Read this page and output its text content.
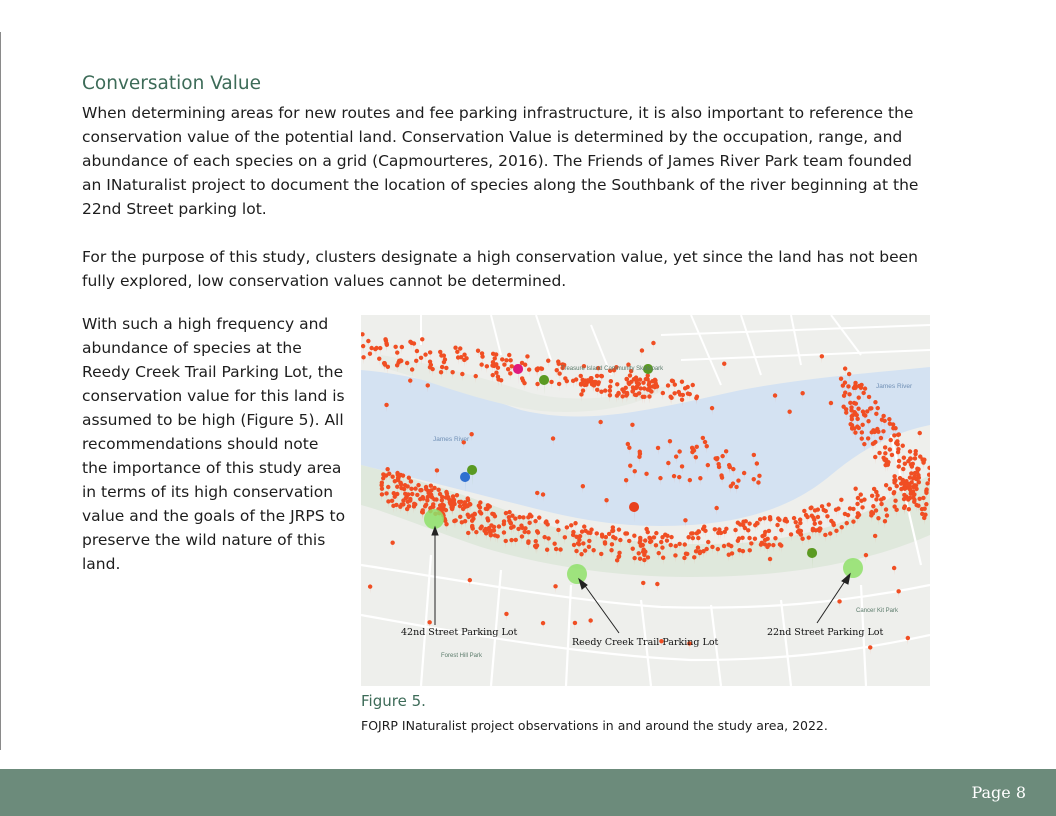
Conversation Value

When determining areas for new routes and fee parking infrastructure, it is also important to reference the conservation value of the potential land. Conservation Value is determined by the occupation, range, and abundance of each species on a grid (Capmourteres, 2016). The Friends of James River Park team founded an INaturalist project to document the location of species along the Southbank of the river beginning at the 22nd Street parking lot.

For the purpose of this study, clusters designate a high conservation value, yet since the land has not been fully explored, low conservation values cannot be determined.

With such a high frequency and abundance of species at the Reedy Creek Trail Parking Lot, the conservation value for this land is assumed to be high (Figure 5). All recommendations should note the importance of this study area in terms of its high conservation value and the goals of the JRPS to preserve the wild nature of this land.

Treasure Island Community Skatepark
James River
James River
Cancer Kit Park
Forest Hill Park
42nd Street Parking Lot
Reedy Creek Trail Parking Lot
22nd Street Parking Lot
Figure 5.
FOJRP INaturalist project observations in and around the study area, 2022.
Page 8
